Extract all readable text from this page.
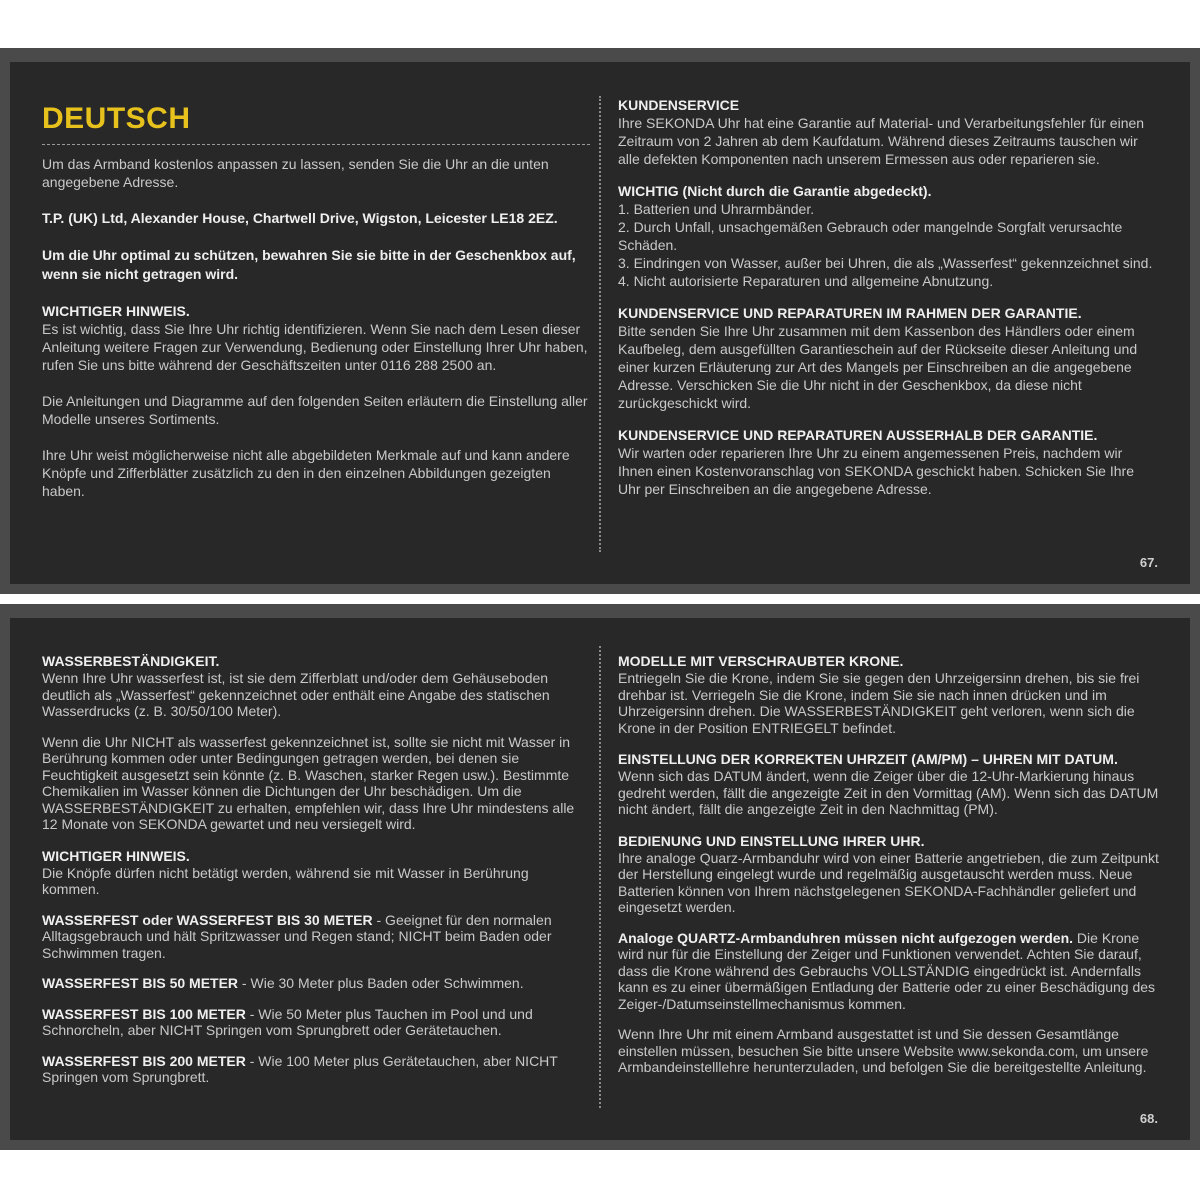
DEUTSCH

Um das Armband kostenlos anpassen zu lassen, senden Sie die Uhr an die unten angegebene Adresse.

T.P. (UK) Ltd, Alexander House, Chartwell Drive, Wigston, Leicester LE18 2EZ.
Um die Uhr optimal zu schützen, bewahren Sie sie bitte in der Geschenkbox auf, wenn sie nicht getragen wird.
WICHTIGER HINWEIS.

Es ist wichtig, dass Sie Ihre Uhr richtig identifizieren. Wenn Sie nach dem Lesen dieser Anleitung weitere Fragen zur Verwendung, Bedienung oder Einstellung Ihrer Uhr haben, rufen Sie uns bitte während der Geschäftszeiten unter 0116 288 2500 an.

Die Anleitungen und Diagramme auf den folgenden Seiten erläutern die Einstellung aller Modelle unseres Sortiments.

Ihre Uhr weist möglicherweise nicht alle abgebildeten Merkmale auf und kann andere Knöpfe und Zifferblätter zusätzlich zu den in den einzelnen Abbildungen gezeigten haben.

KUNDENSERVICE

Ihre SEKONDA Uhr hat eine Garantie auf Material- und Verarbeitungsfehler für einen Zeitraum von 2 Jahren ab dem Kaufdatum. Während dieses Zeitraums tauschen wir alle defekten Komponenten nach unserem Ermessen aus oder reparieren sie.

WICHTIG (Nicht durch die Garantie abgedeckt).
1. Batterien und Uhrarmbänder.
2. Durch Unfall, unsachgemäßen Gebrauch oder mangelnde Sorgfalt verursachte Schäden.
3. Eindringen von Wasser, außer bei Uhren, die als „Wasserfest“ gekennzeichnet sind.
4. Nicht autorisierte Reparaturen und allgemeine Abnutzung.
KUNDENSERVICE UND REPARATUREN IM RAHMEN DER GARANTIE.

Bitte senden Sie Ihre Uhr zusammen mit dem Kassenbon des Händlers oder einem Kaufbeleg, dem ausgefüllten Garantieschein auf der Rückseite dieser Anleitung und einer kurzen Erläuterung zur Art des Mangels per Einschreiben an die angegebene Adresse. Verschicken Sie die Uhr nicht in der Geschenkbox, da diese nicht zurückgeschickt wird.

KUNDENSERVICE UND REPARATUREN AUSSERHALB DER GARANTIE.

Wir warten oder reparieren Ihre Uhr zu einem angemessenen Preis, nachdem wir Ihnen einen Kostenvoranschlag von SEKONDA geschickt haben. Schicken Sie Ihre Uhr per Einschreiben an die angegebene Adresse.

67.
WASSERBESTÄNDIGKEIT.

Wenn Ihre Uhr wasserfest ist, ist sie dem Zifferblatt und/oder dem Gehäuseboden deutlich als „Wasserfest“ gekennzeichnet oder enthält eine Angabe des statischen Wasserdrucks (z. B. 30/50/100 Meter).

Wenn die Uhr NICHT als wasserfest gekennzeichnet ist, sollte sie nicht mit Wasser in Berührung kommen oder unter Bedingungen getragen werden, bei denen sie Feuchtigkeit ausgesetzt sein könnte (z. B. Waschen, starker Regen usw.). Bestimmte Chemikalien im Wasser können die Dichtungen der Uhr beschädigen. Um die WASSERBESTÄNDIGKEIT zu erhalten, empfehlen wir, dass Ihre Uhr mindestens alle 12 Monate von SEKONDA gewartet und neu versiegelt wird.

WICHTIGER HINWEIS.

Die Knöpfe dürfen nicht betätigt werden, während sie mit Wasser in Berührung kommen.

WASSERFEST oder WASSERFEST BIS 30 METER - Geeignet für den normalen Alltagsgebrauch und hält Spritzwasser und Regen stand; NICHT beim Baden oder Schwimmen tragen.

WASSERFEST BIS 50 METER - Wie 30 Meter plus Baden oder Schwimmen.

WASSERFEST BIS 100 METER - Wie 50 Meter plus Tauchen im Pool und und Schnorcheln, aber NICHT Springen vom Sprungbrett oder Gerätetauchen.

WASSERFEST BIS 200 METER - Wie 100 Meter plus Gerätetauchen, aber NICHT Springen vom Sprungbrett.

MODELLE MIT VERSCHRAUBTER KRONE.

Entriegeln Sie die Krone, indem Sie sie gegen den Uhrzeigersinn drehen, bis sie frei drehbar ist. Verriegeln Sie die Krone, indem Sie sie nach innen drücken und im Uhrzeigersinn drehen. Die WASSERBESTÄNDIGKEIT geht verloren, wenn sich die Krone in der Position ENTRIEGELT befindet.

EINSTELLUNG DER KORREKTEN UHRZEIT (AM/PM) – UHREN MIT DATUM.

Wenn sich das DATUM ändert, wenn die Zeiger über die 12-Uhr-Markierung hinaus gedreht werden, fällt die angezeigte Zeit in den Vormittag (AM). Wenn sich das DATUM nicht ändert, fällt die angezeigte Zeit in den Nachmittag (PM).

BEDIENUNG UND EINSTELLUNG IHRER UHR.

Ihre analoge Quarz-Armbanduhr wird von einer Batterie angetrieben, die zum Zeitpunkt der Herstellung eingelegt wurde und regelmäßig ausgetauscht werden muss. Neue Batterien können von Ihrem nächstgelegenen SEKONDA-Fachhändler geliefert und eingesetzt werden.

Analoge QUARTZ-Armbanduhren müssen nicht aufgezogen werden. Die Krone wird nur für die Einstellung der Zeiger und Funktionen verwendet. Achten Sie darauf, dass die Krone während des Gebrauchs VOLLSTÄNDIG eingedrückt ist. Andernfalls kann es zu einer übermäßigen Entladung der Batterie oder zu einer Beschädigung des Zeiger-/Datumseinstellmechanismus kommen.

Wenn Ihre Uhr mit einem Armband ausgestattet ist und Sie dessen Gesamtlänge einstellen müssen, besuchen Sie bitte unsere Website www.sekonda.com, um unsere Armbandeinstelllehre herunterzuladen, und befolgen Sie die bereitgestellte Anleitung.

68.
